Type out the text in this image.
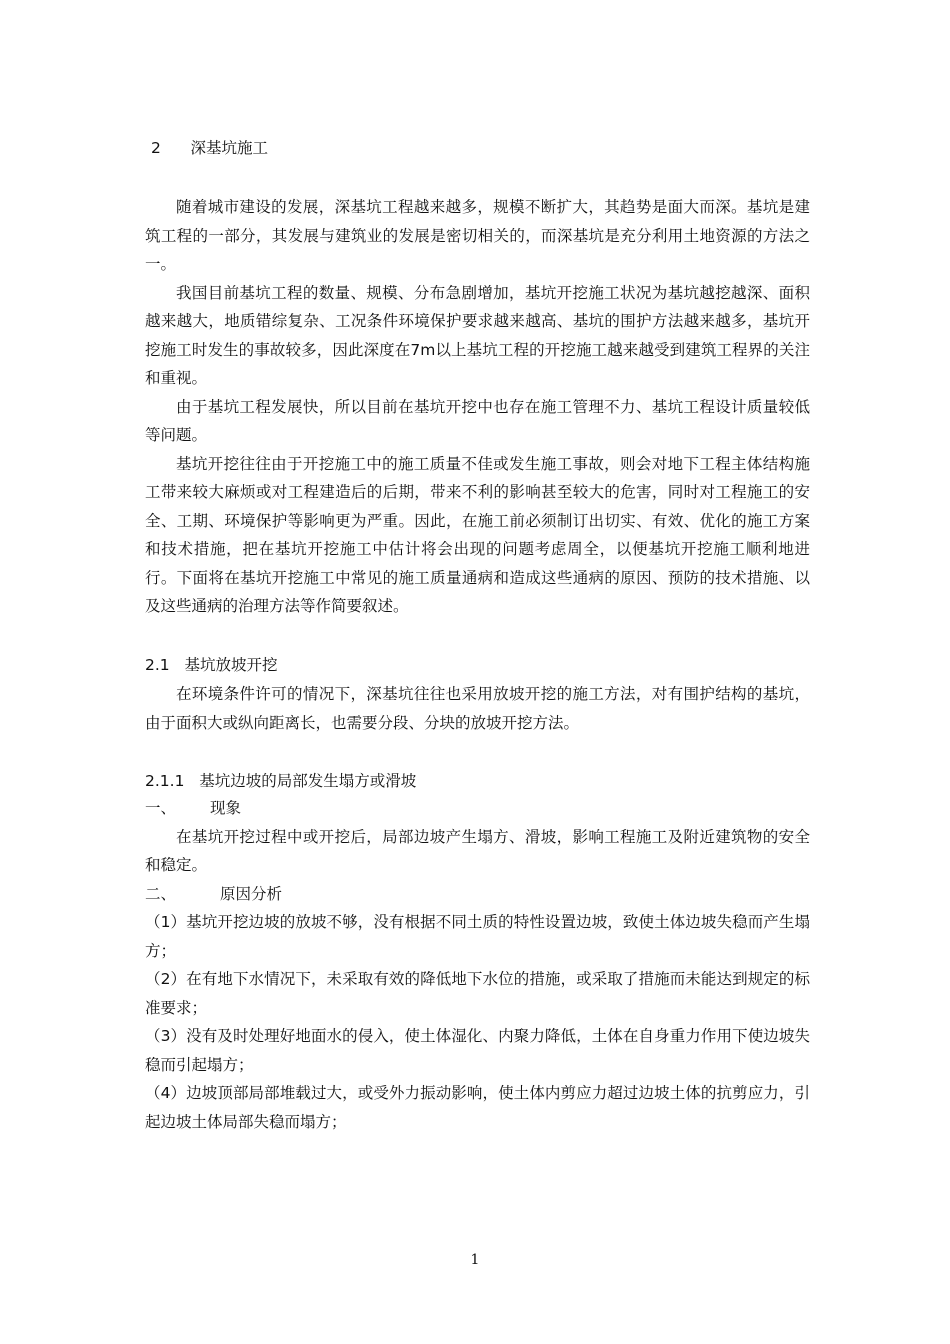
2 深基坑施工

随着城市建设的发展，深基坑工程越来越多，规模不断扩大，其趋势是面大而深。基坑是建筑工程的一部分，其发展与建筑业的发展是密切相关的，而深基坑是充分利用土地资源的方法之一。

我国目前基坑工程的数量、规模、分布急剧增加，基坑开挖施工状况为基坑越挖越深、面积越来越大，地质错综复杂、工况条件环境保护要求越来越高、基坑的围护方法越来越多，基坑开挖施工时发生的事故较多，因此深度在7m以上基坑工程的开挖施工越来越受到建筑工程界的关注和重视。

由于基坑工程发展快，所以目前在基坑开挖中也存在施工管理不力、基坑工程设计质量较低等问题。

基坑开挖往往由于开挖施工中的施工质量不佳或发生施工事故，则会对地下工程主体结构施工带来较大麻烦或对工程建造后的后期，带来不利的影响甚至较大的危害，同时对工程施工的安全、工期、环境保护等影响更为严重。因此，在施工前必须制订出切实、有效、优化的施工方案和技术措施，把在基坑开挖施工中估计将会出现的问题考虑周全，以便基坑开挖施工顺利地进行。下面将在基坑开挖施工中常见的施工质量通病和造成这些通病的原因、预防的技术措施、以及这些通病的治理方法等作简要叙述。

2.1 基坑放坡开挖

在环境条件许可的情况下，深基坑往往也采用放坡开挖的施工方法，对有围护结构的基坑，由于面积大或纵向距离长，也需要分段、分块的放坡开挖方法。

2.1.1 基坑边坡的局部发生塌方或滑坡

一、 现象

在基坑开挖过程中或开挖后，局部边坡产生塌方、滑坡，影响工程施工及附近建筑物的安全和稳定。

二、	原因分析

（1）基坑开挖边坡的放坡不够，没有根据不同土质的特性设置边坡，致使土体边坡失稳而产生塌方；

（2）在有地下水情况下，未采取有效的降低地下水位的措施，或采取了措施而未能达到规定的标准要求；

（3）没有及时处理好地面水的侵入，使土体湿化、内聚力降低，土体在自身重力作用下使边坡失稳而引起塌方；

（4）边坡顶部局部堆载过大，或受外力振动影响，使土体内剪应力超过边坡土体的抗剪应力，引起边坡土体局部失稳而塌方；

1
